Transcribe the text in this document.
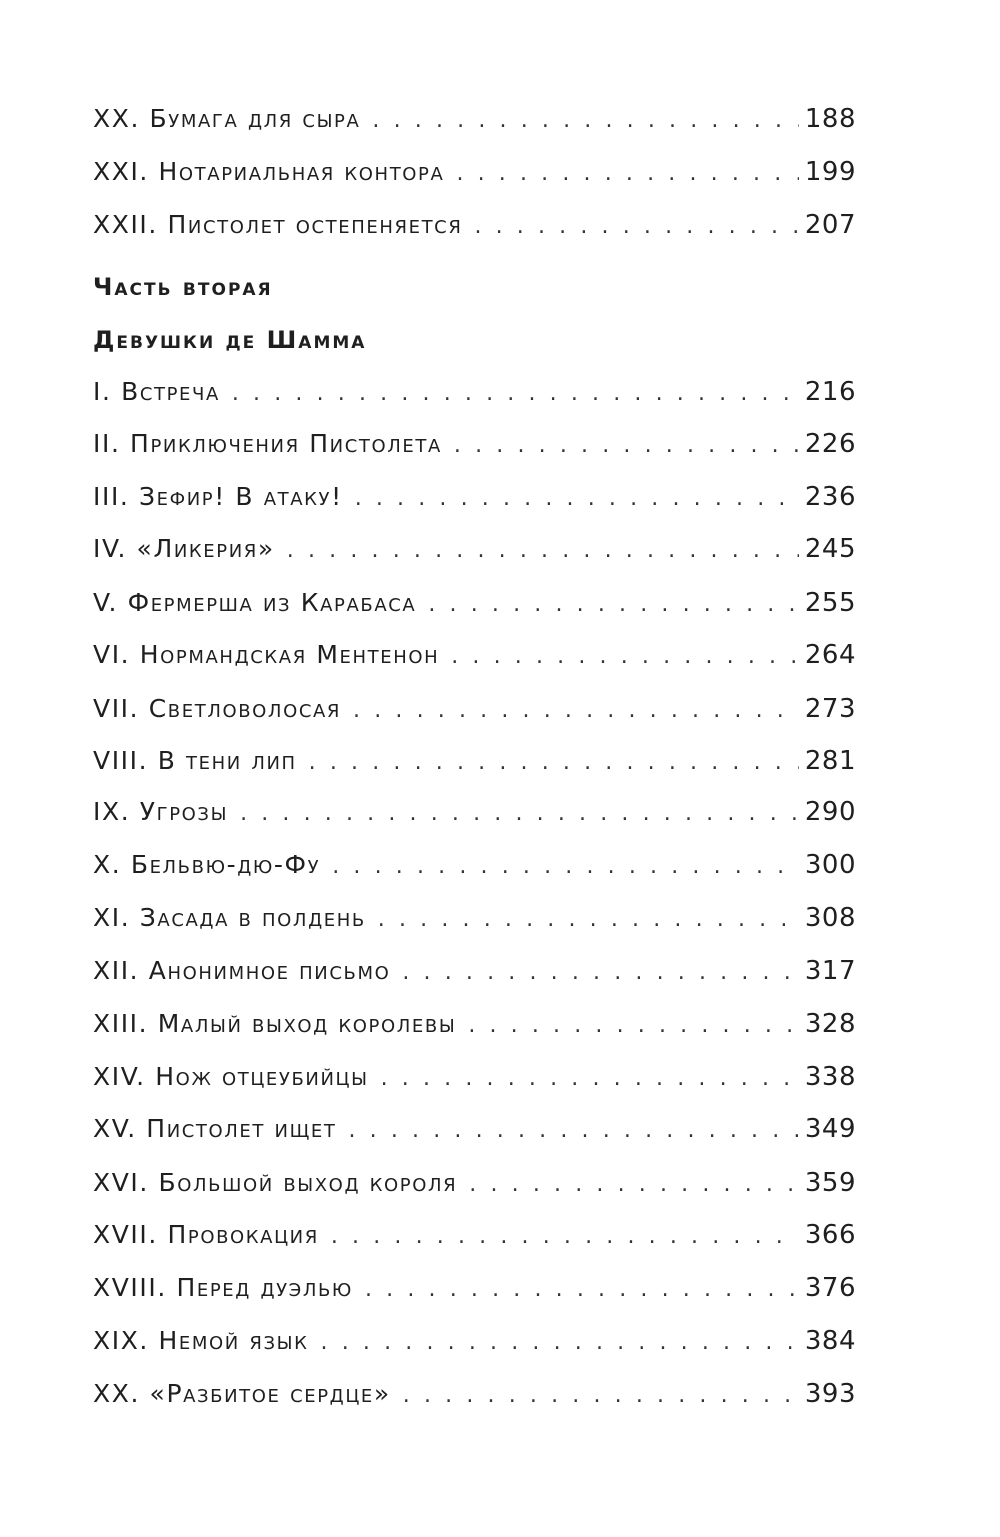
XX. Бумага для сыра . . .	188
XXI. Нотариальная контора . . .	199
XXII. Пистолет остепеняется . . .	207
Часть вторая
Девушки де Шамма
I. Встреча . . .	216
II. Приключения Пистолета . . .	226
III. Зефир! В атаку! . . .	236
IV. «Ликерия» . . .	245
V. Фермерша из Карабаса . . .	255
VI. Нормандская Ментенон . . .	264
VII. Светловолосая . . .	273
VIII. В тени лип . . .	281
IX. Угрозы . . .	290
X. Бельвю-дю-Фу . . .	300
XI. Засада в полдень . . .	308
XII. Анонимное письмо . . .	317
XIII. Малый выход королевы . . .	328
XIV. Нож отцеубийцы . . .	338
XV. Пистолет ищет . . .	349
XVI. Большой выход короля . . .	359
XVII. Провокация . . .	366
XVIII. Перед дуэлью . . .	376
XIX. Немой язык . . .	384
XX. «Разбитое сердце» . . .	393
